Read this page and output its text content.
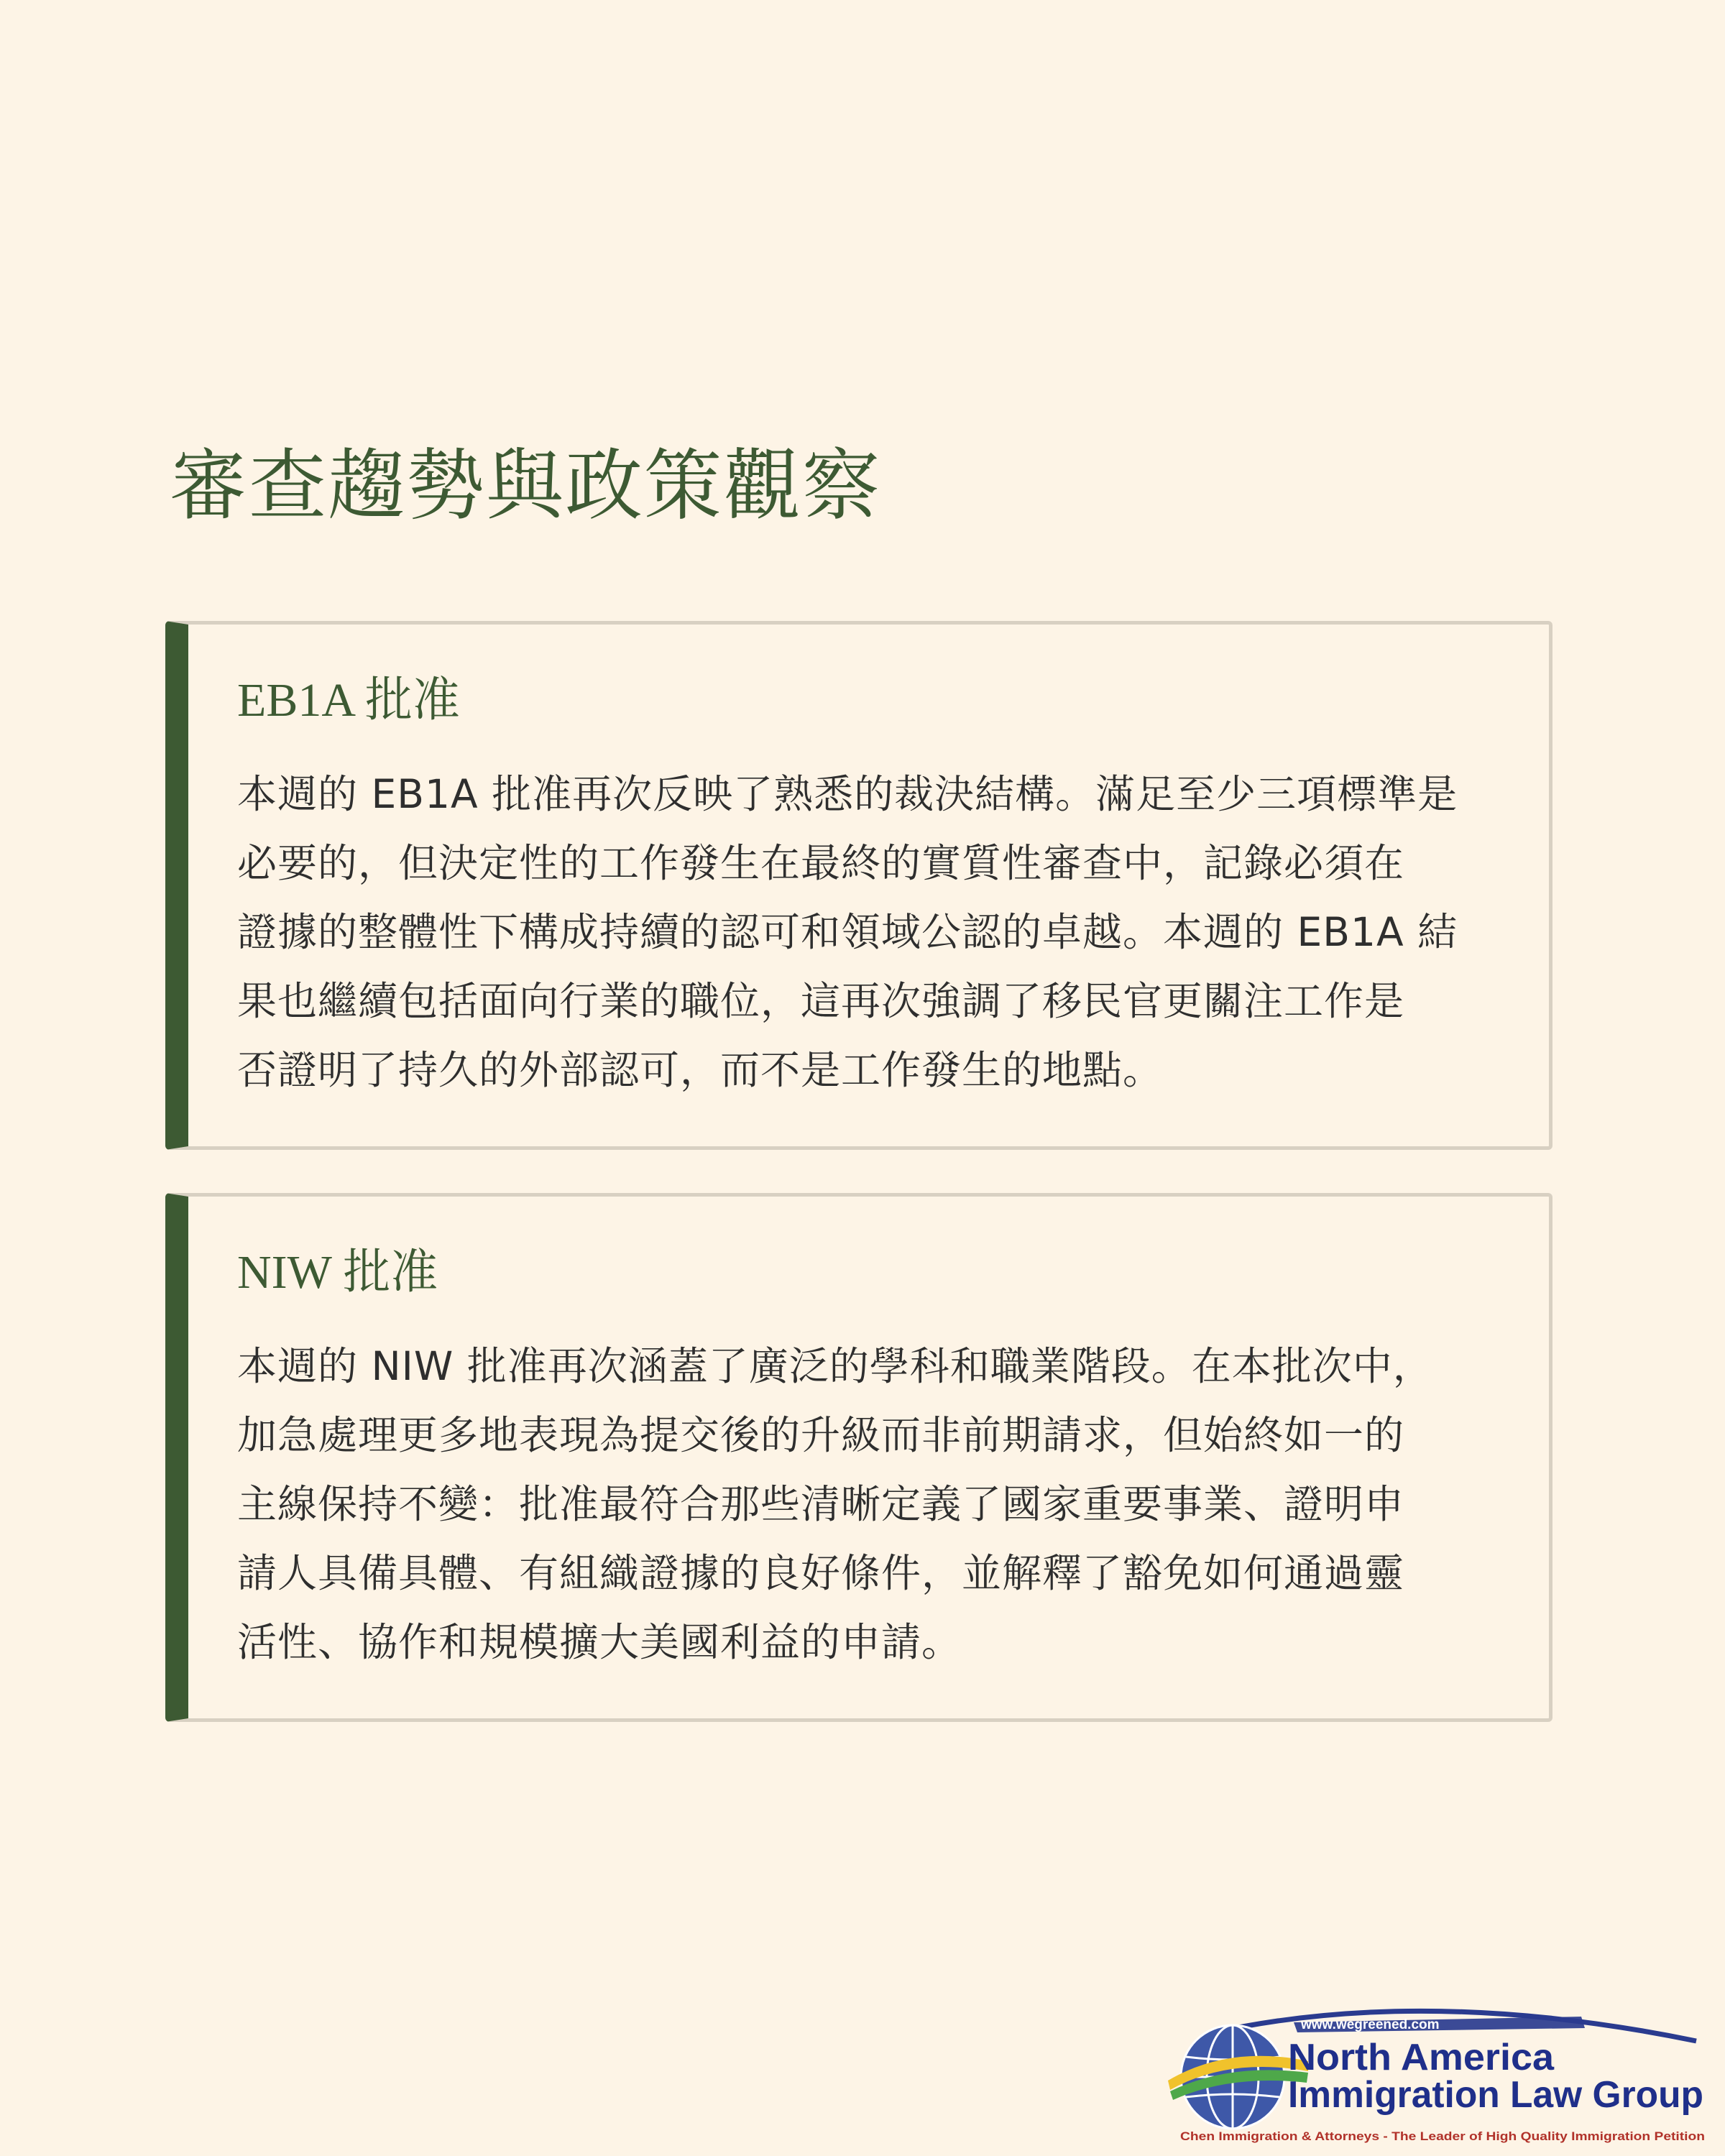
審查趨勢與政策觀察
EB1A 批准

本週的 EB1A 批准再次反映了熟悉的裁決結構。滿足至少三項標準是
必要的，但決定性的工作發生在最終的實質性審查中，記錄必須在
證據的整體性下構成持續的認可和領域公認的卓越。本週的 EB1A 結
果也繼續包括面向行業的職位，這再次強調了移民官更關注工作是
否證明了持久的外部認可，而不是工作發生的地點。

NIW 批准

本週的 NIW 批准再次涵蓋了廣泛的學科和職業階段。在本批次中，
加急處理更多地表現為提交後的升級而非前期請求，但始終如一的
主線保持不變：批准最符合那些清晰定義了國家重要事業、證明申
請人具備具體、有組織證據的良好條件，並解釋了豁免如何通過靈
活性、協作和規模擴大美國利益的申請。

www.wegreened.com
North America
Immigration Law Group
Chen Immigration & Attorneys - The Leader of High Quality Immigration Petition
